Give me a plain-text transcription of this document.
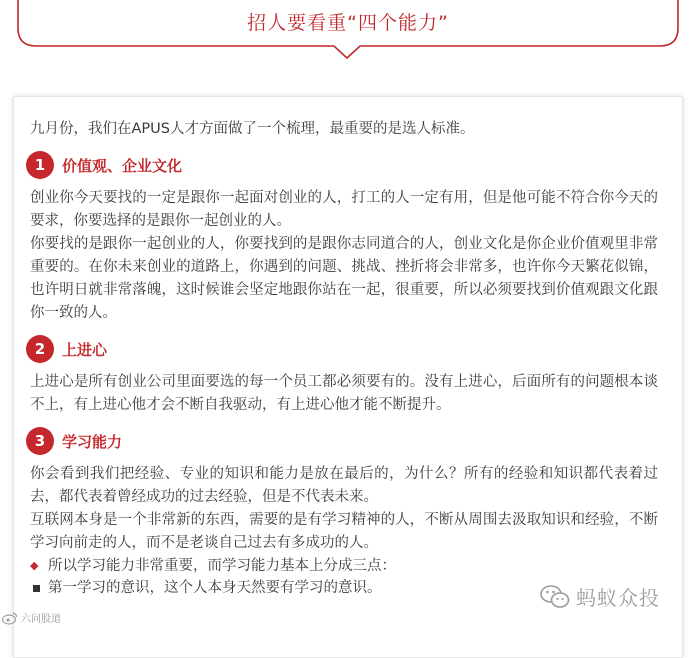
招人要看重“四个能力”

九月份，我们在APUS人才方面做了一个梳理，最重要的是选人标准。

1	价值观、企业文化

创业你今天要找的一定是跟你一起面对创业的人，打工的人一定有用，但是他可能不符合你今天的要求，你要选择的是跟你一起创业的人。

你要找的是跟你一起创业的人，你要找到的是跟你志同道合的人，创业文化是你企业价值观里非常重要的。在你未来创业的道路上，你遇到的问题、挑战、挫折将会非常多，也许你今天繁花似锦，也许明日就非常落魄，这时候谁会坚定地跟你站在一起，很重要，所以必须要找到价值观跟文化跟你一致的人。

2	上进心

上进心是所有创业公司里面要选的每一个员工都必须要有的。没有上进心，后面所有的问题根本谈不上，有上进心他才会不断自我驱动，有上进心他才能不断提升。

3	学习能力

你会看到我们把经验、专业的知识和能力是放在最后的，为什么？所有的经验和知识都代表着过去，都代表着曾经成功的过去经验，但是不代表未来。

互联网本身是一个非常新的东西，需要的是有学习精神的人，不断从周围去汲取知识和经验，不断学习向前走的人，而不是老谈自己过去有多成功的人。

◆ 所以学习能力非常重要，而学习能力基本上分成三点：
第一学习的意识，这个人本身天然要有学习的意识。	蚂蚁众投
六问股道
